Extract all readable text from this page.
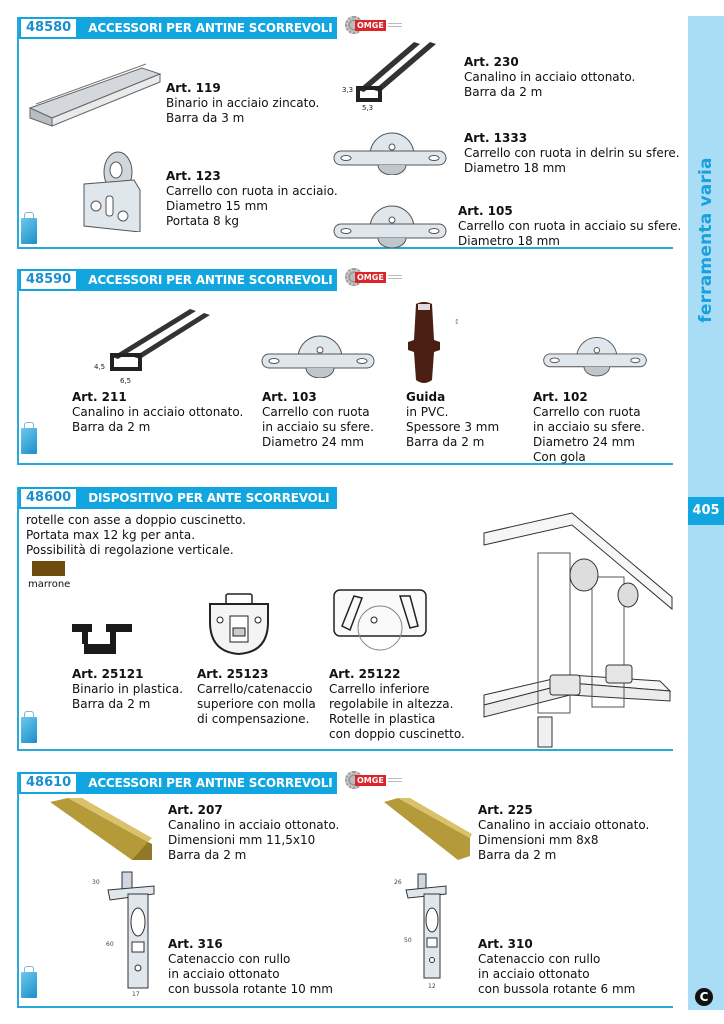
ferramenta varia
405
C
48580	ACCESSORI PER ANTINE SCORREVOLI	OMGE
Art. 119
Binario in acciaio zincato.
Barra da 3 m
Art. 123
Carrello con ruota in acciaio.
Diametro 15 mm
Portata 8 kg
3,3
5,3
Art. 230
Canalino in acciaio ottonato.
Barra da 2 m
Art. 1333
Carrello con ruota in delrin su sfere.
Diametro 18 mm
Art. 105
Carrello con ruota in acciaio su sfere.
Diametro 18 mm
48590	ACCESSORI PER ANTINE SCORREVOLI	OMGE
4,5
6,5
Art. 211
Canalino in acciaio ottonato.
Barra da 2 m
Art. 103
Carrello con ruota
in acciaio su sfere.
Diametro 24 mm
↕
Guida
in PVC.
Spessore 3 mm
Barra da 2 m
Art. 102
Carrello con ruota
in acciaio su sfere.
Diametro 24 mm
Con gola
48600	DISPOSITIVO PER ANTE SCORREVOLI
rotelle con asse a doppio cuscinetto.
Portata max 12 kg per anta.
Possibilità di regolazione verticale.
marrone
Art. 25121
Binario in plastica.
Barra da 2 m
Art. 25123
Carrello/catenaccio
superiore con molla
di compensazione.
Art. 25122
Carrello inferiore
regolabile in altezza.
Rotelle in plastica
con doppio cuscinetto.
48610	ACCESSORI PER ANTINE SCORREVOLI	OMGE
Art. 207
Canalino in acciaio ottonato.
Dimensioni mm 11,5x10
Barra da 2 m
Art. 225
Canalino in acciaio ottonato.
Dimensioni mm 8x8
Barra da 2 m
30
60
17
Art. 316
Catenaccio con rullo
in acciaio ottonato
con bussola rotante 10 mm
26
50
12
Art. 310
Catenaccio con rullo
in acciaio ottonato
con bussola rotante 6 mm
